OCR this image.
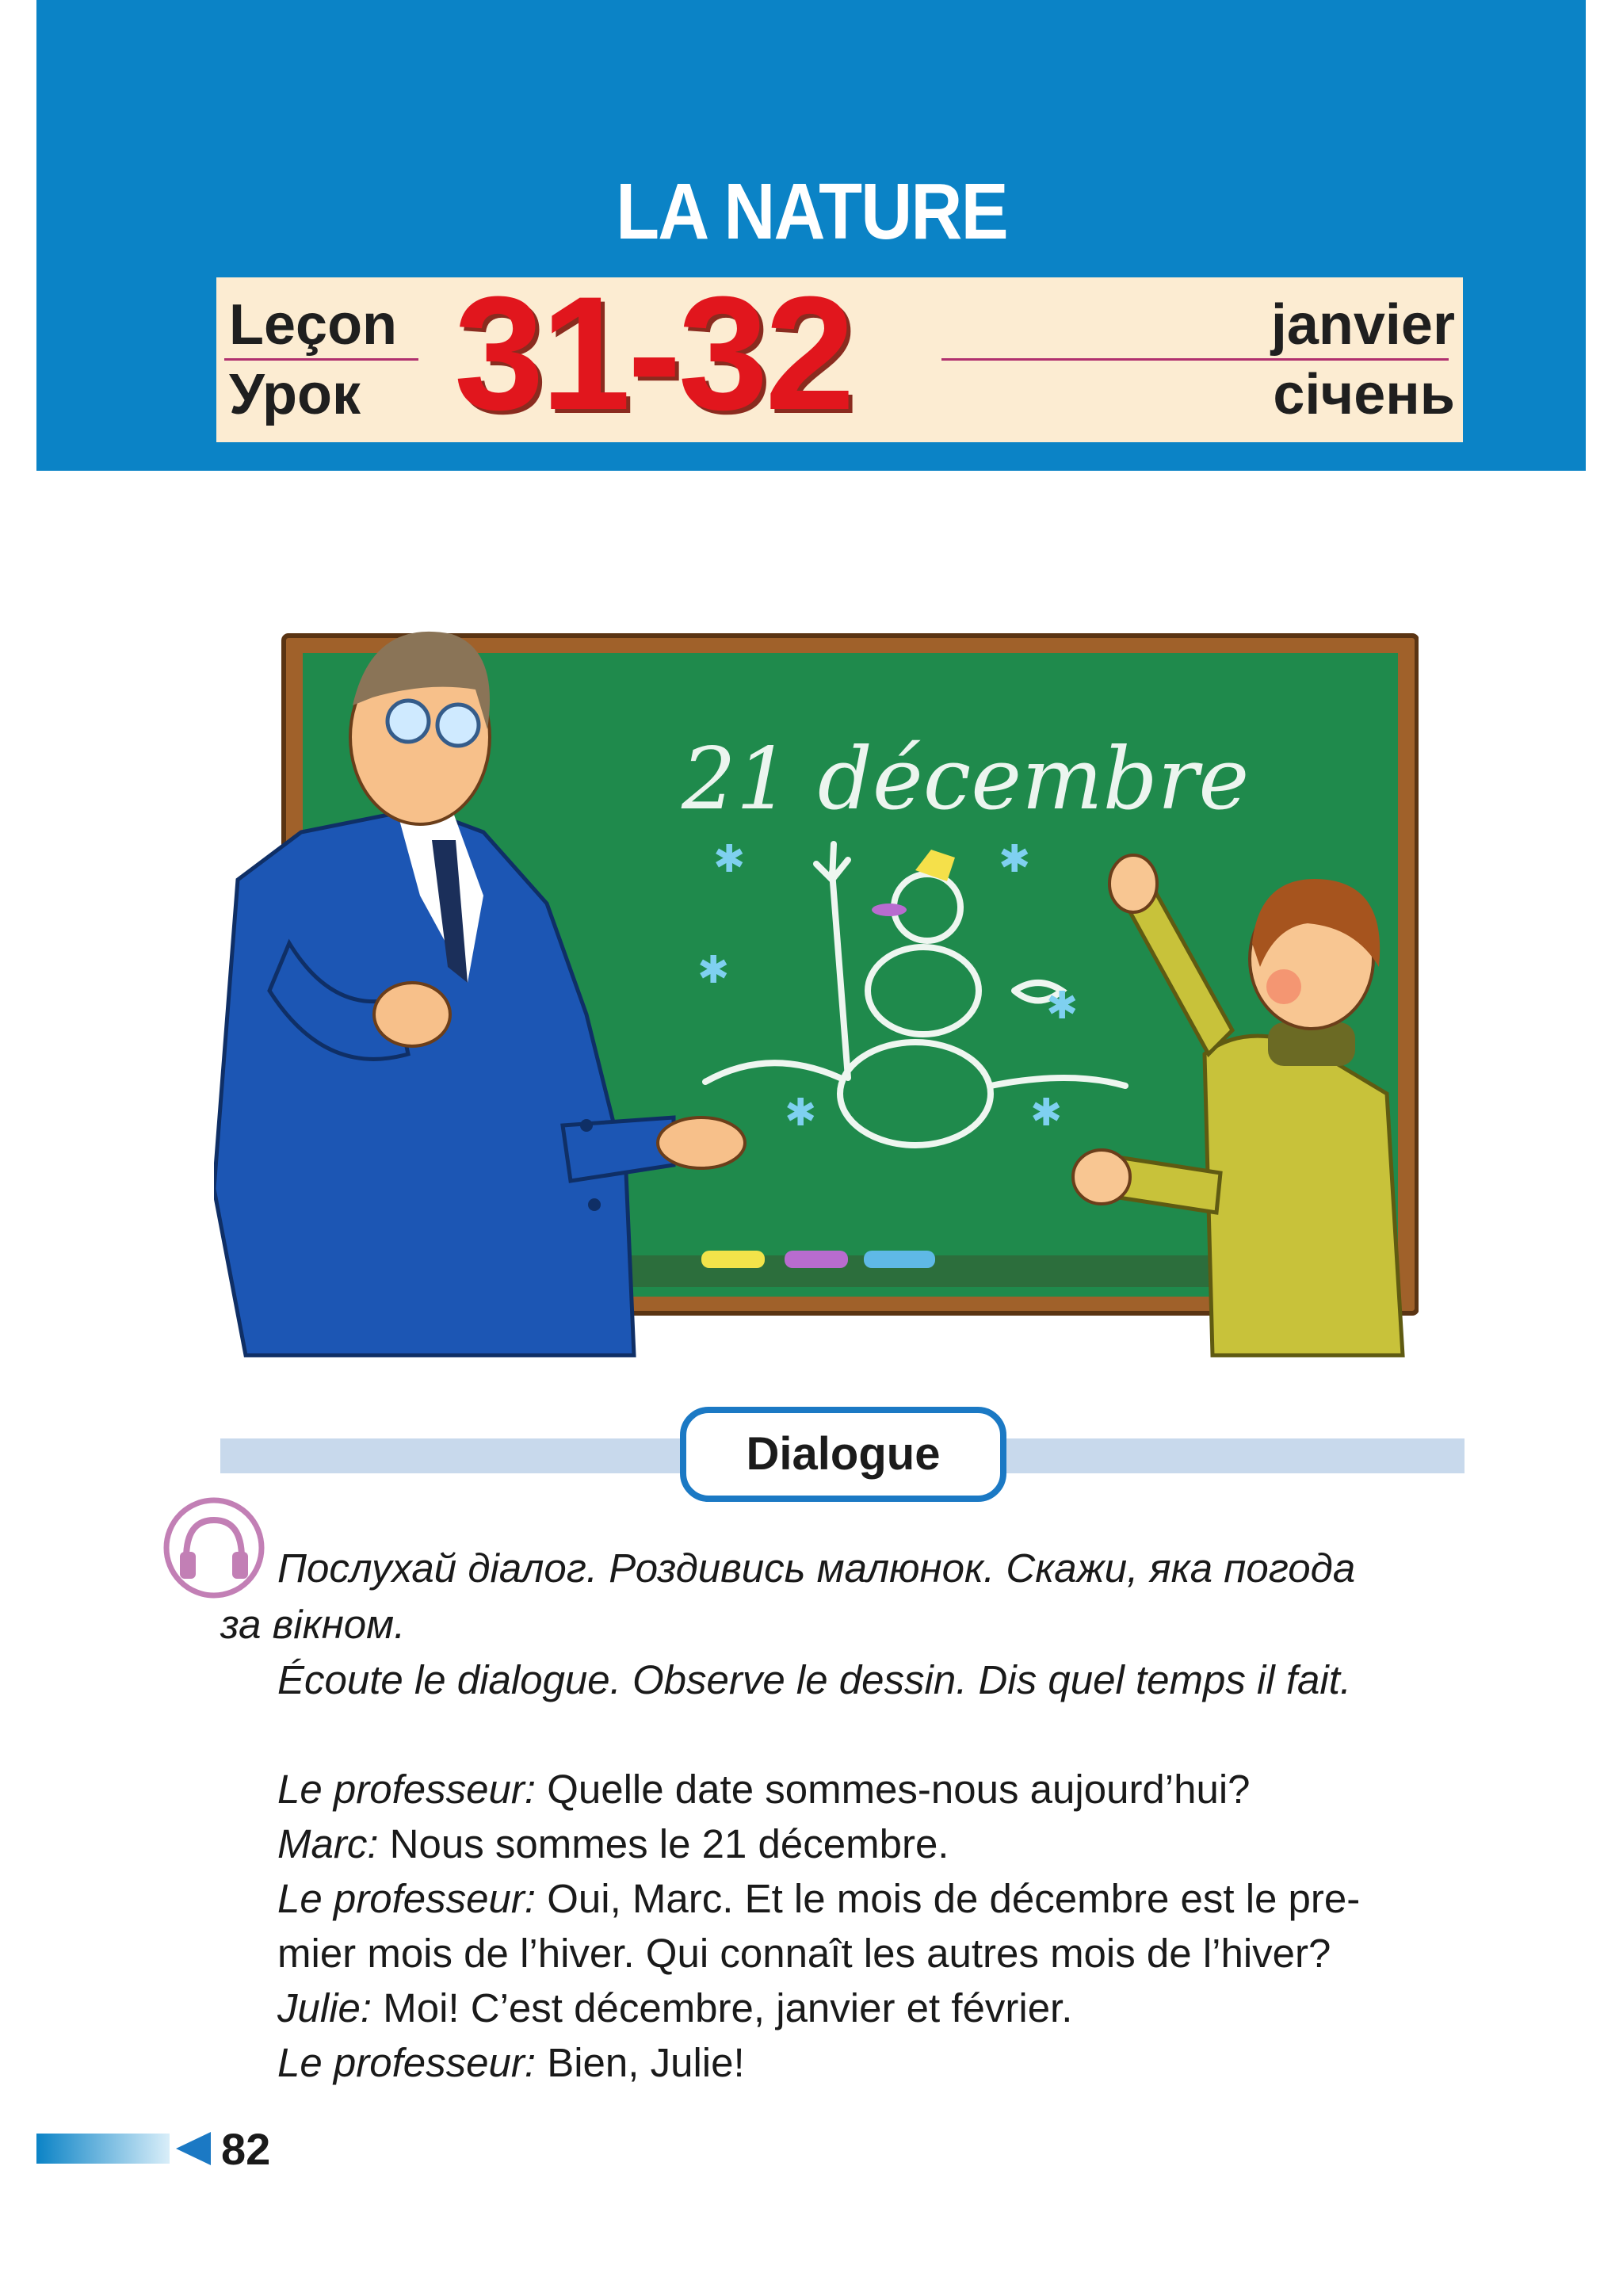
LA NATURE
Leçon
Урок 31-32	janvier
січень
21 décembre
✱	✱
✱
✱
✱	✱
Dialogue
Послухай діалог. Роздивись малюнок. Скажи, яка погода
за вікном.
Écoute le dialogue. Observe le dessin. Dis quel temps il fait.
Le professeur: Quelle date sommes-nous aujourd’hui?
Marc: Nous sommes le 21 décembre.
Le professeur: Oui, Marc. Et le mois de décembre est le pre-
mier mois de l’hiver. Qui connaît les autres mois de l’hiver?
Julie: Moi! C’est décembre, janvier et février.
Le professeur: Bien, Julie!
82
